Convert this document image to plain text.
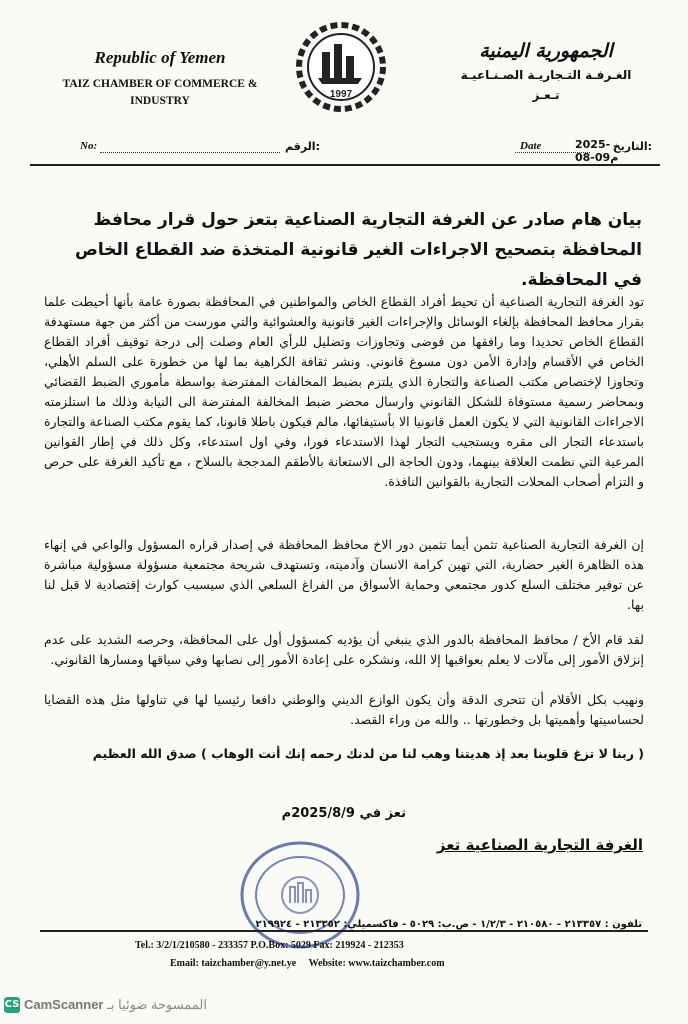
Republic of Yemen
TAIZ CHAMBER OF COMMERCE &
INDUSTRY
1997
الجمهورية اليمنية
الغـرفـة التـجاريـة الصـنـاعيـة
تـعـز
No:	:الرقم	Date	2025-08-09م
:التاريخ
بيان هام صادر عن الغرفة التجارية الصناعية بتعز حول قرار محافظ المحافظة بتصحيح الاجراءات الغير قانونية المتخذة ضد القطاع الخاص في المحافظة.
تود الغرفة التجارية الصناعية أن تحيط أفراد القطاع الخاص والمواطنين في المحافظة بصورة عامة بأنها أحيطت علما بقرار محافظ المحافظة بإلغاء الوسائل والإجراءات الغير قانونية والعشوائية والتي مورست من أكثر من جهة مستهدفة القطاع الخاص تحديدا وما رافقها من فوضى وتجاوزات وتضليل للرأي العام وصلت إلى درجة توقيف أفراد القطاع الخاص في الأقسام وإدارة الأمن دون مسوغ قانوني. ونشر ثقافة الكراهية بما لها من خطورة على السلم الأهلي، وتجاوزا لإختصاص مكتب الصناعة والتجارة الذي يلتزم بضبط المخالفات المفترضة بواسطة مأموري الضبط القضائي وبمحاضر رسمية مستوفاة للشكل القانوني وارسال محضر ضبط المخالفة المفترضة الى النيابة وذلك ما استلزمته الاجراءات القانونية التي لا يكون العمل قانونيا الا بأستيفائها، مالم فيكون باطلا قانونا، كما يقوم مكتب الصناعة والتجارة باستدعاء التجار الى مقره ويستجيب التجار لهذا الاستدعاء فورا، وفي اول استدعاء، وكل ذلك في إطار القوانين المرعية التي نظمت العلاقة بينهما، ودون الحاجة الى الاستعانة بالأطقم المدججة بالسلاح ، مع تأكيد الغرفة على حرص و التزام أصحاب المحلات التجارية بالقوانين النافذة.
إن الغرفة التجارية الصناعية تثمن أيما تثمين دور الاخ محافظ المحافظة في إصدار قراره المسؤول والواعي في إنهاء هذه الظاهرة الغير حضارية، التي تهين كرامة الانسان وآدميته، وتستهدف شريحة مجتمعية مسؤولة مسؤولية مباشرة عن توفير مختلف السلع كدور مجتمعي وحماية الأسواق من الفراغ السلعي الذي سيسبب كوارث إقتصادية لا قبل لنا بها.
لقد قام الأخ / محافظ المحافظة بالدور الذي ينبغي أن يؤديه كمسؤول أول على المحافظة، وحرصه الشديد على عدم إنزلاق الأمور إلى مآلات لا يعلم بعواقبها إلا الله، ونشكره على إعادة الأمور إلى نصابها وفي سياقها ومسارها القانوني.
ونهيب بكل الأقلام أن تتحرى الدقة وأن يكون الوازع الديني والوطني دافعا رئيسيا لها في تناولها مثل هذه القضايا لحساسيتها وأهميتها بل وخطورتها .. والله من وراء القصد.
( ربنا لا تزغ قلوبنا بعد إذ هديتنا وهب لنا من لدنك رحمه إنك أنت الوهاب ) صدق الله العظيم
تعز في 2025/8/9م
الغرفة التجارية الصناعية تعز
تلفون : ٢١٣٣٥٧ - ٢١٠٥٨٠ - ١/٢/٣ - ص.ب: ٥٠٢٩ - فاكسميلي: ٢١٣٣٥٢ - ٢١٩٩٢٤
Tel.: 3/2/1/210580 - 233357 P.O.Box: 5029 Fax: 219924 - 212353
Email: taizchamber@y.net.ye Website: www.taizchamber.com
CS CamScanner الممسوحة ضوئيا بـ
